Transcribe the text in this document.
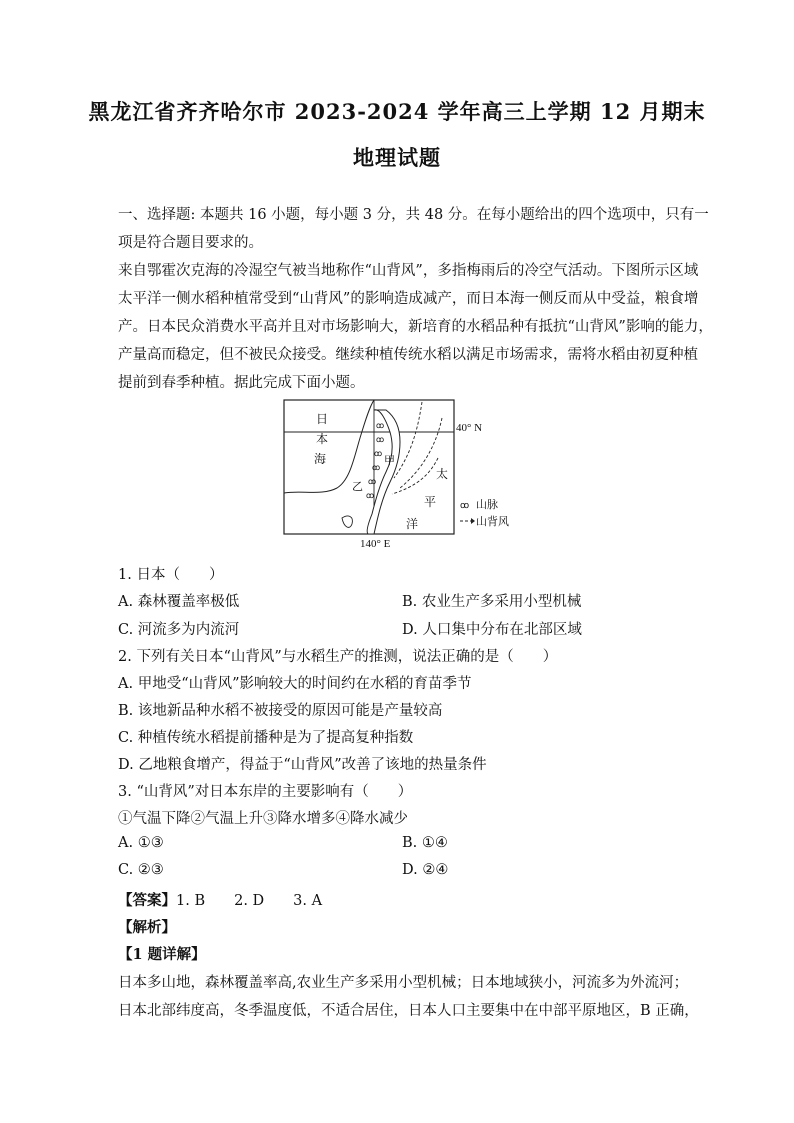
黑龙江省齐齐哈尔市 2023-2024 学年高三上学期 12 月期末
地理试题
一、选择题: 本题共 16 小题，每小题 3 分，共 48 分。在每小题给出的四个选项中，只有一
项是符合题目要求的。
来自鄂霍次克海的冷湿空气被当地称作“山背风”，多指梅雨后的冷空气活动。下图所示区域
太平洋一侧水稻种植常受到“山背风”的影响造成减产，而日本海一侧反而从中受益，粮食增
产。日本民众消费水平高并且对市场影响大，新培育的水稻品种有抵抗“山背风”影响的能力，
产量高而稳定，但不被民众接受。继续种植传统水稻以满足市场需求，需将水稻由初夏种植
提前到春季种植。据此完成下面小题。
ꝏ
ꝏ
ꝏ
ꝏ
ꝏ
ꝏ
日
本
海
太
平
洋
甲
乙
40° N
140° E
ꝏ 山脉
山背风
1. 日本（　　）
A. 森林覆盖率极低	B. 农业生产多采用小型机械
C. 河流多为内流河	D. 人口集中分布在北部区域
2. 下列有关日本“山背风”与水稻生产的推测，说法正确的是（　　）
A. 甲地受“山背风”影响较大的时间约在水稻的育苗季节
B. 该地新品种水稻不被接受的原因可能是产量较高
C. 种植传统水稻提前播种是为了提高复种指数
D. 乙地粮食增产，得益于“山背风”改善了该地的热量条件
3. “山背风”对日本东岸的主要影响有（　　）
①气温下降②气温上升③降水增多④降水减少
A. ①③	B. ①④
C. ②③	D. ②④
【答案】1. B　　2. D　　3. A
【解析】
【1 题详解】
日本多山地，森林覆盖率高,农业生产多采用小型机械；日本地域狭小，河流多为外流河；
日本北部纬度高，冬季温度低，不适合居住，日本人口主要集中在中部平原地区，B 正确，
